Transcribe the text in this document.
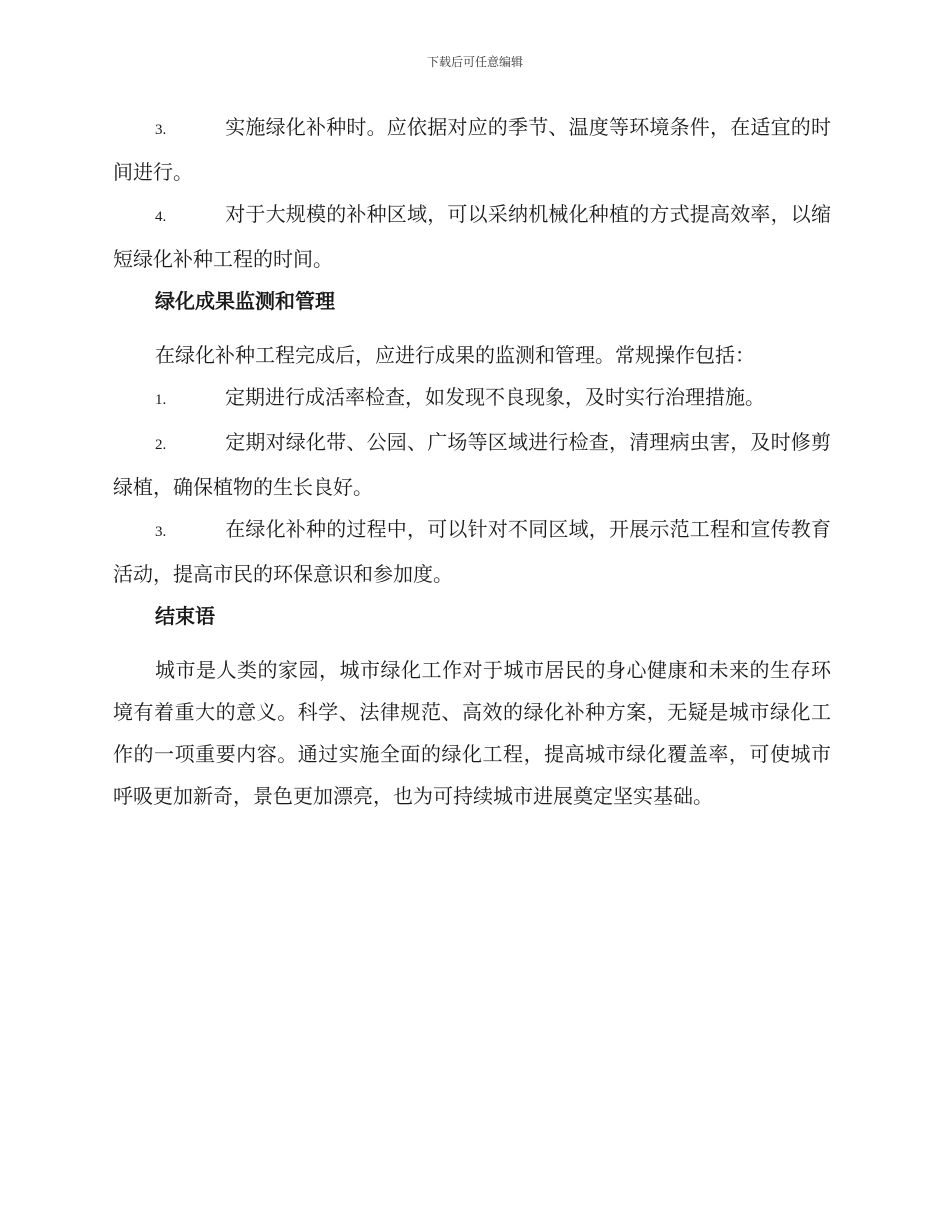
下载后可任意编辑

3.	实施绿化补种时。应依据对应的季节、温度等环境条件，在适宜的时间进行。

4.	对于大规模的补种区域，可以采纳机械化种植的方式提高效率，以缩短绿化补种工程的时间。

绿化成果监测和管理

在绿化补种工程完成后，应进行成果的监测和管理。常规操作包括：

1.	定期进行成活率检查，如发现不良现象，及时实行治理措施。

2.	定期对绿化带、公园、广场等区域进行检查，清理病虫害，及时修剪绿植，确保植物的生长良好。

3.	在绿化补种的过程中，可以针对不同区域，开展示范工程和宣传教育活动，提高市民的环保意识和参加度。

结束语

城市是人类的家园，城市绿化工作对于城市居民的身心健康和未来的生存环境有着重大的意义。科学、法律规范、高效的绿化补种方案，无疑是城市绿化工作的一项重要内容。通过实施全面的绿化工程，提高城市绿化覆盖率，可使城市呼吸更加新奇，景色更加漂亮，也为可持续城市进展奠定坚实基础。
